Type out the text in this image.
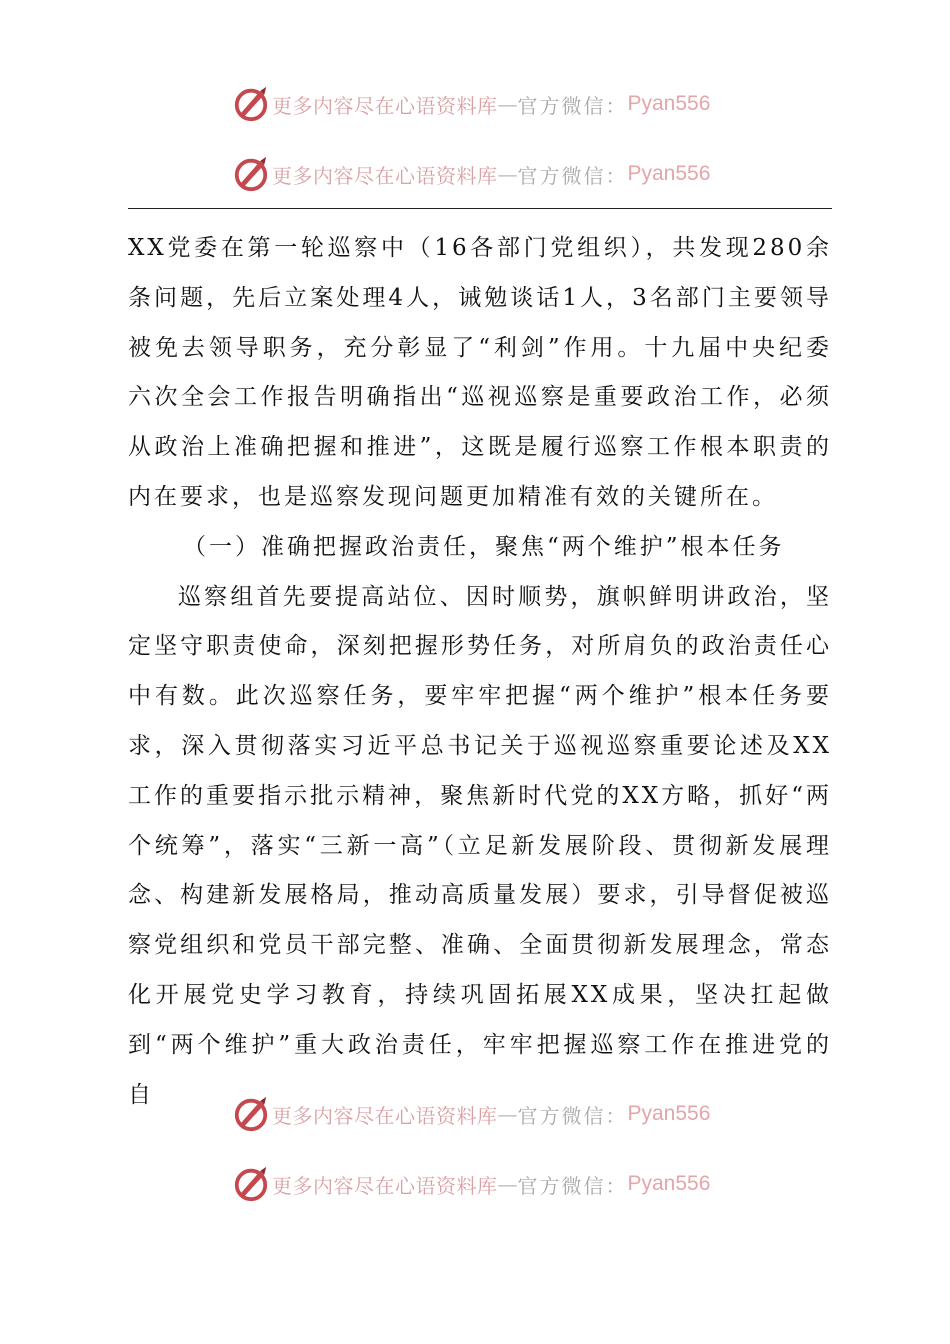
更多内容尽在心语资料库 — 官方微信： Pyan556
更多内容尽在心语资料库 — 官方微信： Pyan556

XX党委在第一轮巡察中（16各部门党组织），共发现280余条问题，先后立案处理4人，诫勉谈话1人，3名部门主要领导被免去领导职务，充分彰显了“利剑”作用。十九届中央纪委六次全会工作报告明确指出“巡视巡察是重要政治工作，必须从政治上准确把握和推进”，这既是履行巡察工作根本职责的内在要求，也是巡察发现问题更加精准有效的关键所在。

（一）准确把握政治责任，聚焦“两个维护”根本任务

巡察组首先要提高站位、因时顺势，旗帜鲜明讲政治，坚定坚守职责使命，深刻把握形势任务，对所肩负的政治责任心中有数。此次巡察任务，要牢牢把握“两个维护”根本任务要求，深入贯彻落实习近平总书记关于巡视巡察重要论述及XX工作的重要指示批示精神，聚焦新时代党的XX方略，抓好“两个统筹”，落实“三新一高”（立足新发展阶段、贯彻新发展理念、构建新发展格局，推动高质量发展）要求，引导督促被巡察党组织和党员干部完整、准确、全面贯彻新发展理念，常态化开展党史学习教育，持续巩固拓展XX成果，坚决扛起做到“两个维护”重大政治责任，牢牢把握巡察工作在推进党的自

更多内容尽在心语资料库 — 官方微信： Pyan556
更多内容尽在心语资料库 — 官方微信： Pyan556
